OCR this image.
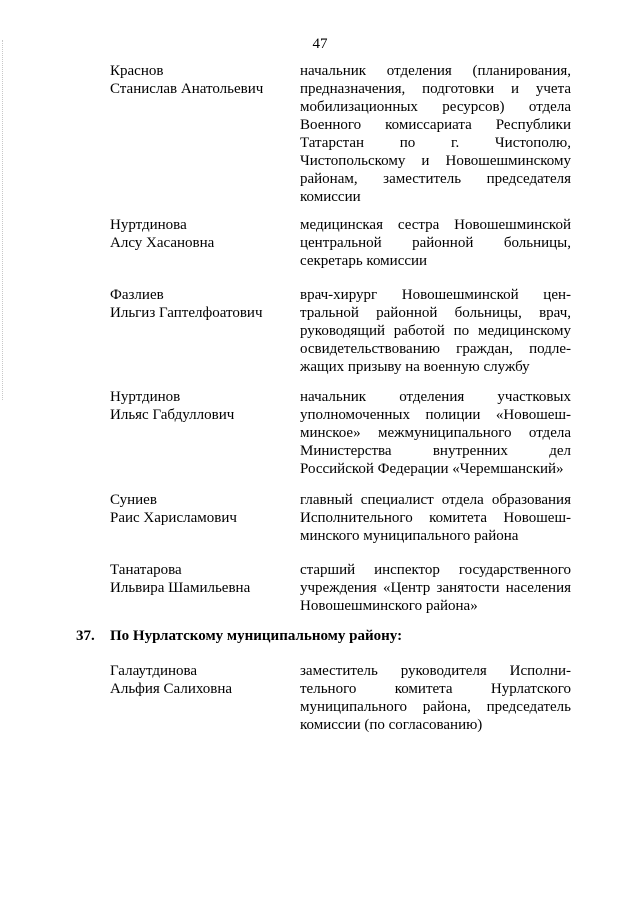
47
Краснов
Станислав Анатольевич
начальник отделения (планирования,
предназначения, подготовки и учета
мобилизационных ресурсов) отдела
Военного комиссариата Республики
Татарстан по г. Чистополю,
Чистопольскому и Новошешминскому
районам, заместитель председателя
комиссии
Нуртдинова
Алсу Хасановна
медицинская сестра Новошешминской
центральной районной больницы,
секретарь комиссии
Фазлиев
Ильгиз Гаптелфоатович
врач-хирург Новошешминской цен-
тральной районной больницы, врач,
руководящий работой по медицинскому
освидетельствованию граждан, подле-
жащих призыву на военную службу
Нуртдинов
Ильяс Габдуллович
начальник отделения участковых
уполномоченных полиции «Новошеш-
минское» межмуниципального отдела
Министерства внутренних дел
Российской Федерации «Черемшанский»
Суниев
Раис Харисламович
главный специалист отдела образования
Исполнительного комитета Новошеш-
минского муниципального района
Танатарова
Ильвира Шамильевна
старший инспектор государственного
учреждения «Центр занятости населения
Новошешминского района»
37. По Нурлатскому муниципальному району:
Галаутдинова
Альфия Салиховна
заместитель руководителя Исполни-
тельного комитета Нурлатского
муниципального района, председатель
комиссии (по согласованию)
